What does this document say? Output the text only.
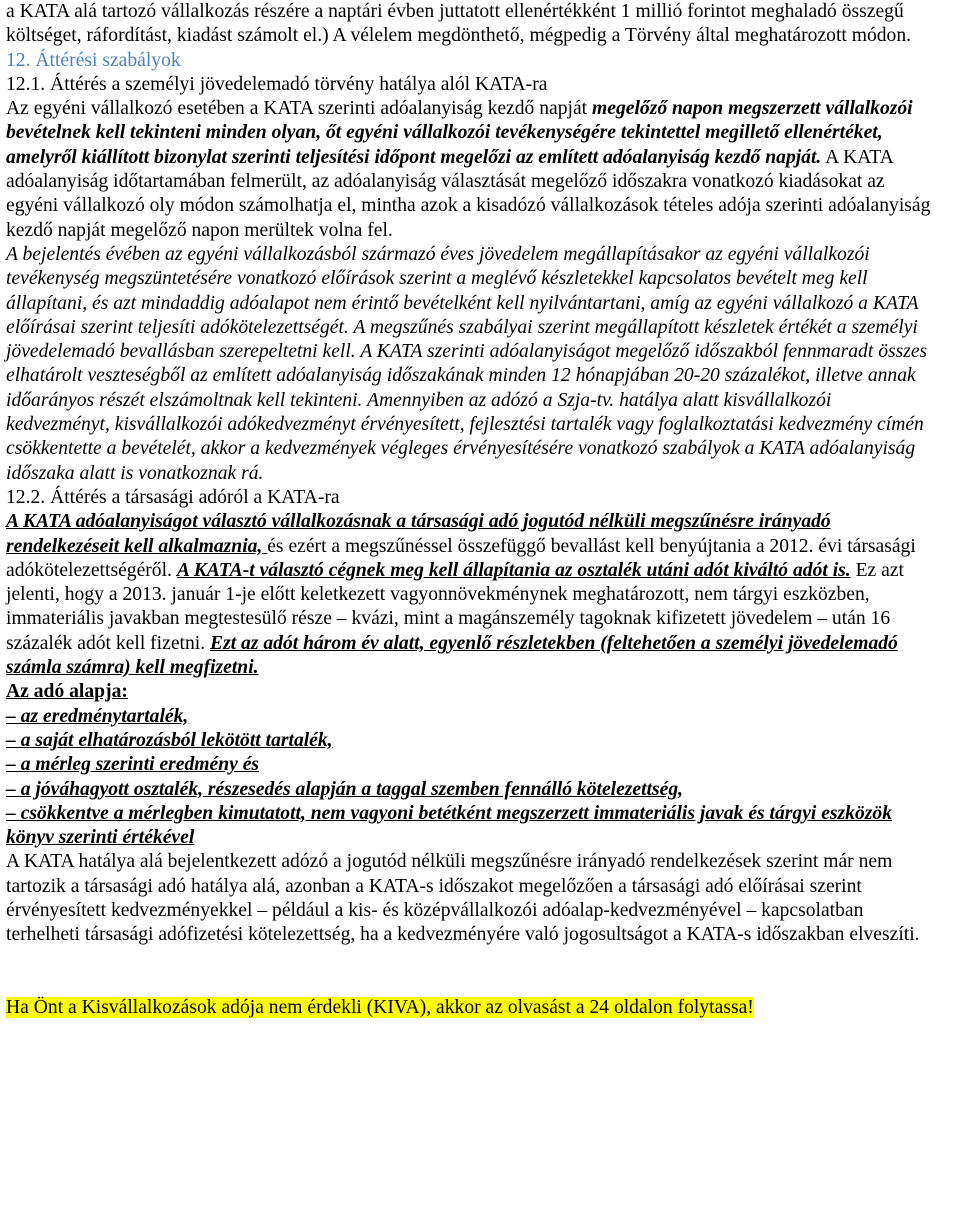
a KATA alá tartozó vállalkozás részére a naptári évben juttatott ellenértékként 1 millió forintot meghaladó összegű költséget, ráfordítást, kiadást számolt el.) A vélelem megdönthető, mégpedig a Törvény által meghatározott módon.

12. Áttérési szabályok

12.1. Áttérés a személyi jövedelemadó törvény hatálya alól KATA-ra

Az egyéni vállalkozó esetében a KATA szerinti adóalanyiság kezdő napját megelőző napon megszerzett vállalkozói bevételnek kell tekinteni minden olyan, őt egyéni vállalkozói tevékenységére tekintettel megillető ellenértéket, amelyről kiállított bizonylat szerinti teljesítési időpont megelőzi az említett adóalanyiság kezdő napját. A KATA adóalanyiság időtartamában felmerült, az adóalanyiság választását megelőző időszakra vonatkozó kiadásokat az egyéni vállalkozó oly módon számolhatja el, mintha azok a kisadózó vállalkozások tételes adója szerinti adóalanyiság kezdő napját megelőző napon merültek volna fel.

A bejelentés évében az egyéni vállalkozásból származó éves jövedelem megállapításakor az egyéni vállalkozói tevékenység megszüntetésére vonatkozó előírások szerint a meglévő készletekkel kapcsolatos bevételt meg kell állapítani, és azt mindaddig adóalapot nem érintő bevételként kell nyilvántartani, amíg az egyéni vállalkozó a KATA előírásai szerint teljesíti adókötelezettségét. A megszűnés szabályai szerint megállapított készletek értékét a személyi jövedelemadó bevallásban szerepeltetni kell. A KATA szerinti adóalanyiságot megelőző időszakból fennmaradt összes elhatárolt veszteségből az említett adóalanyiság időszakának minden 12 hónapjában 20-20 százalékot, illetve annak időarányos részét elszámoltnak kell tekinteni. Amennyiben az adózó a Szja-tv. hatálya alatt kisvállalkozói kedvezményt, kisvállalkozói adókedvezményt érvényesített, fejlesztési tartalék vagy foglalkoztatási kedvezmény címén csökkentette a bevételét, akkor a kedvezmények végleges érvényesítésére vonatkozó szabályok a KATA adóalanyiság időszaka alatt is vonatkoznak rá.

12.2. Áttérés a társasági adóról a KATA-ra

A KATA adóalanyiságot választó vállalkozásnak a társasági adó jogutód nélküli megszűnésre irányadó rendelkezéseit kell alkalmaznia, és ezért a megszűnéssel összefüggő bevallást kell benyújtania a 2012. évi társasági adókötelezettségéről. A KATA-t választó cégnek meg kell állapítania az osztalék utáni adót kiváltó adót is. Ez azt jelenti, hogy a 2013. január 1-je előtt keletkezett vagyonnövekménynek meghatározott, nem tárgyi eszközben, immateriális javakban megtestesülő része – kvázi, mint a magánszemély tagoknak kifizetett jövedelem – után 16 százalék adót kell fizetni. Ezt az adót három év alatt, egyenlő részletekben (feltehetően a személyi jövedelemadó számla számra) kell megfizetni.

Az adó alapja:

– az eredménytartalék,

– a saját elhatározásból lekötött tartalék,

– a mérleg szerinti eredmény és

– a jóváhagyott osztalék, részesedés alapján a taggal szemben fennálló kötelezettség,

– csökkentve a mérlegben kimutatott, nem vagyoni betétként megszerzett immateriális javak és tárgyi eszközök könyv szerinti értékével

A KATA hatálya alá bejelentkezett adózó a jogutód nélküli megszűnésre irányadó rendelkezések szerint már nem tartozik a társasági adó hatálya alá, azonban a KATA-s időszakot megelőzően a társasági adó előírásai szerint érvényesített kedvezményekkel – például a kis- és középvállalkozói adóalap-kedvezményével – kapcsolatban terhelheti társasági adófizetési kötelezettség, ha a kedvezményére való jogosultságot a KATA-s időszakban elveszíti.

Ha Önt a Kisvállalkozások adója nem érdekli (KIVA), akkor az olvasást a 24 oldalon folytassa!
